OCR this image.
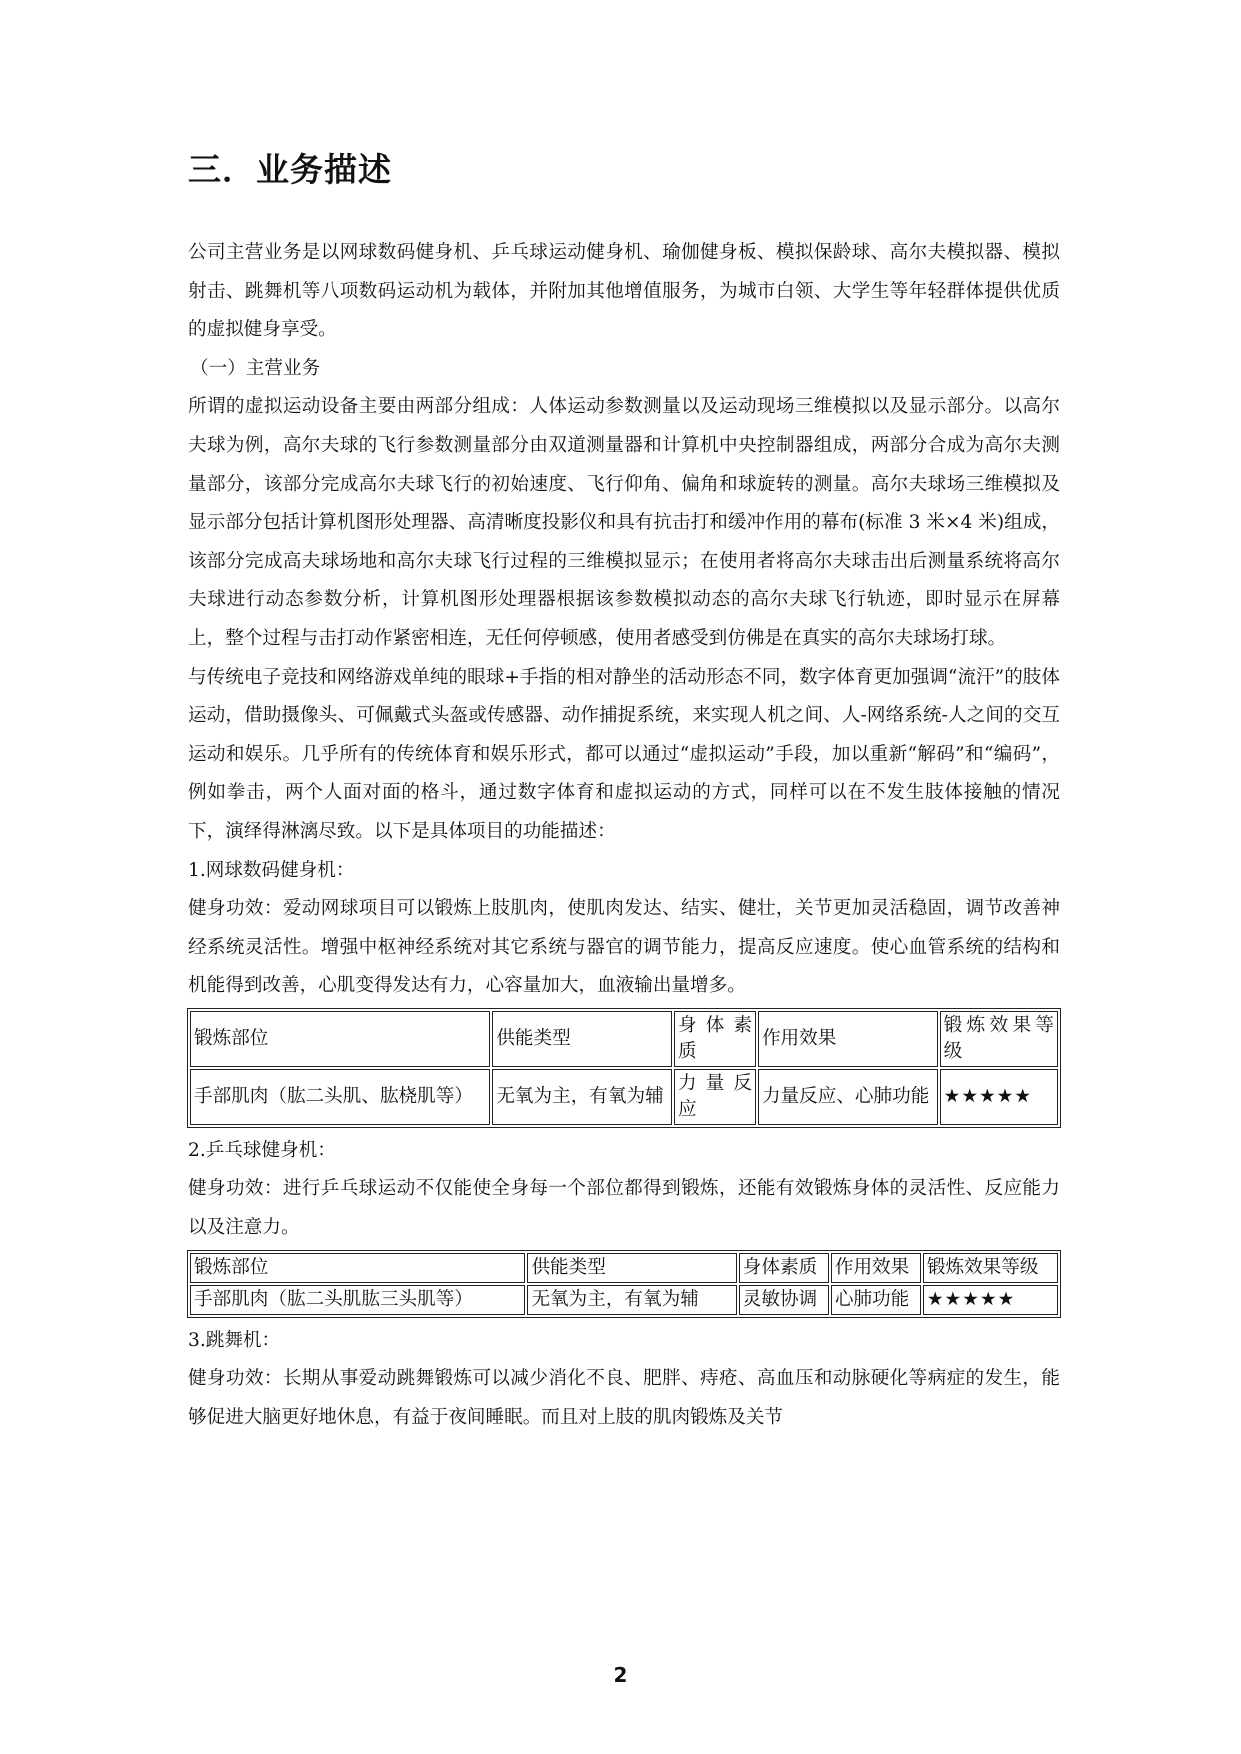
三．业务描述

公司主营业务是以网球数码健身机、乒乓球运动健身机、瑜伽健身板、模拟保龄球、高尔夫模拟器、模拟射击、跳舞机等八项数码运动机为载体，并附加其他增值服务，为城市白领、大学生等年轻群体提供优质的虚拟健身享受。

（一）主营业务

所谓的虚拟运动设备主要由两部分组成：人体运动参数测量以及运动现场三维模拟以及显示部分。以高尔夫球为例，高尔夫球的飞行参数测量部分由双道测量器和计算机中央控制器组成，两部分合成为高尔夫测量部分，该部分完成高尔夫球飞行的初始速度、飞行仰角、偏角和球旋转的测量。高尔夫球场三维模拟及显示部分包括计算机图形处理器、高清晰度投影仪和具有抗击打和缓冲作用的幕布(标准 3 米×4 米)组成，该部分完成高夫球场地和高尔夫球飞行过程的三维模拟显示；在使用者将高尔夫球击出后测量系统将高尔夫球进行动态参数分析，计算机图形处理器根据该参数模拟动态的高尔夫球飞行轨迹，即时显示在屏幕上，整个过程与击打动作紧密相连，无任何停顿感，使用者感受到仿佛是在真实的高尔夫球场打球。

与传统电子竞技和网络游戏单纯的眼球+手指的相对静坐的活动形态不同，数字体育更加强调“流汗”的肢体运动，借助摄像头、可佩戴式头盔或传感器、动作捕捉系统，来实现人机之间、人-网络系统-人之间的交互运动和娱乐。几乎所有的传统体育和娱乐形式，都可以通过“虚拟运动”手段，加以重新“解码”和“编码”，例如拳击，两个人面对面的格斗，通过数字体育和虚拟运动的方式，同样可以在不发生肢体接触的情况下，演绎得淋漓尽致。以下是具体项目的功能描述：

1.网球数码健身机：

健身功效：爱动网球项目可以锻炼上肢肌肉，使肌肉发达、结实、健壮，关节更加灵活稳固，调节改善神经系统灵活性。增强中枢神经系统对其它系统与器官的调节能力，提高反应速度。使心血管系统的结构和机能得到改善，心肌变得发达有力，心容量加大，血液输出量增多。

锻炼部位	供能类型	身体素质	作用效果	锻炼效果等级
手部肌肉（肱二头肌、肱桡肌等）	无氧为主，有氧为辅	力量反应	力量反应、心肺功能	★★★★★

2.乒乓球健身机：

健身功效：进行乒乓球运动不仅能使全身每一个部位都得到锻炼，还能有效锻炼身体的灵活性、反应能力以及注意力。

锻炼部位	供能类型	身体素质	作用效果	锻炼效果等级
手部肌肉（肱二头肌肱三头肌等）	无氧为主，有氧为辅	灵敏协调	心肺功能	★★★★★

3.跳舞机：

健身功效：长期从事爱动跳舞锻炼可以减少消化不良、肥胖、痔疮、高血压和动脉硬化等病症的发生，能够促进大脑更好地休息，有益于夜间睡眠。而且对上肢的肌肉锻炼及关节

2
